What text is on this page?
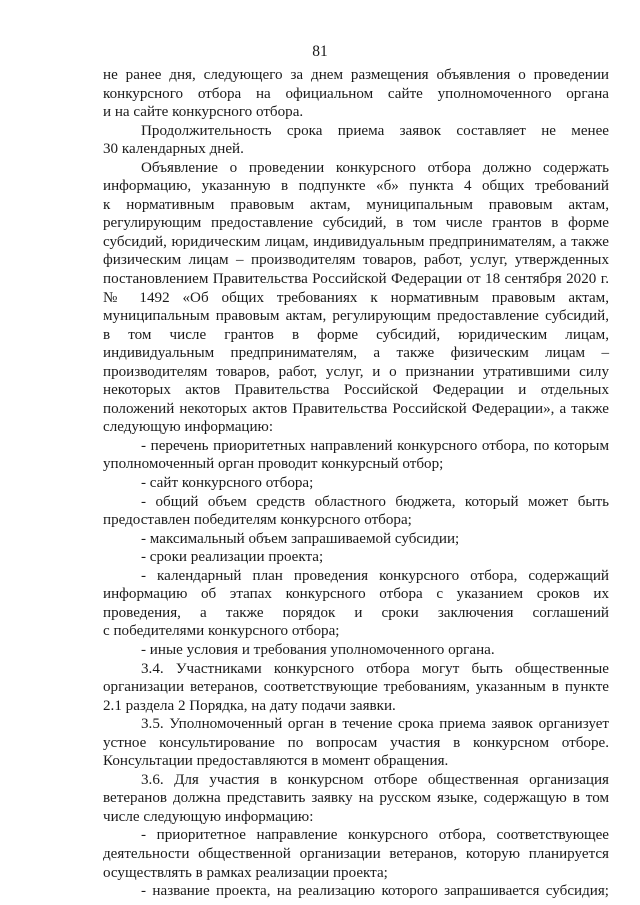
81
не ранее дня, следующего за днем размещения объявления о проведении
конкурсного отбора на официальном сайте уполномоченного органа
и на сайте конкурсного отбора.
Продолжительность срока приема заявок составляет не менее
30 календарных дней.
Объявление о проведении конкурсного отбора должно содержать
информацию, указанную в подпункте «б» пункта 4 общих требований
к нормативным правовым актам, муниципальным правовым актам,
регулирующим предоставление субсидий, в том числе грантов в форме
субсидий, юридическим лицам, индивидуальным предпринимателям, а также
физическим лицам – производителям товаров, работ, услуг, утвержденных
постановлением Правительства Российской Федерации от 18 сентября 2020 г.
№ 1492 «Об общих требованиях к нормативным правовым актам,
муниципальным правовым актам, регулирующим предоставление субсидий,
в том числе грантов в форме субсидий, юридическим лицам,
индивидуальным предпринимателям, а также физическим лицам –
производителям товаров, работ, услуг, и о признании утратившими силу
некоторых актов Правительства Российской Федерации и отдельных
положений некоторых актов Правительства Российской Федерации», а также
следующую информацию:
- перечень приоритетных направлений конкурсного отбора, по которым
уполномоченный орган проводит конкурсный отбор;
- сайт конкурсного отбора;
- общий объем средств областного бюджета, который может быть
предоставлен победителям конкурсного отбора;
- максимальный объем запрашиваемой субсидии;
- сроки реализации проекта;
- календарный план проведения конкурсного отбора, содержащий
информацию об этапах конкурсного отбора с указанием сроков их
проведения, а также порядок и сроки заключения соглашений
с победителями конкурсного отбора;
- иные условия и требования уполномоченного органа.
3.4. Участниками конкурсного отбора могут быть общественные
организации ветеранов, соответствующие требованиям, указанным в пункте
2.1 раздела 2 Порядка, на дату подачи заявки.
3.5. Уполномоченный орган в течение срока приема заявок организует
устное консультирование по вопросам участия в конкурсном отборе.
Консультации предоставляются в момент обращения.
3.6. Для участия в конкурсном отборе общественная организация
ветеранов должна представить заявку на русском языке, содержащую в том
числе следующую информацию:
- приоритетное направление конкурсного отбора, соответствующее
деятельности общественной организации ветеранов, которую планируется
осуществлять в рамках реализации проекта;
- название проекта, на реализацию которого запрашивается субсидия;
